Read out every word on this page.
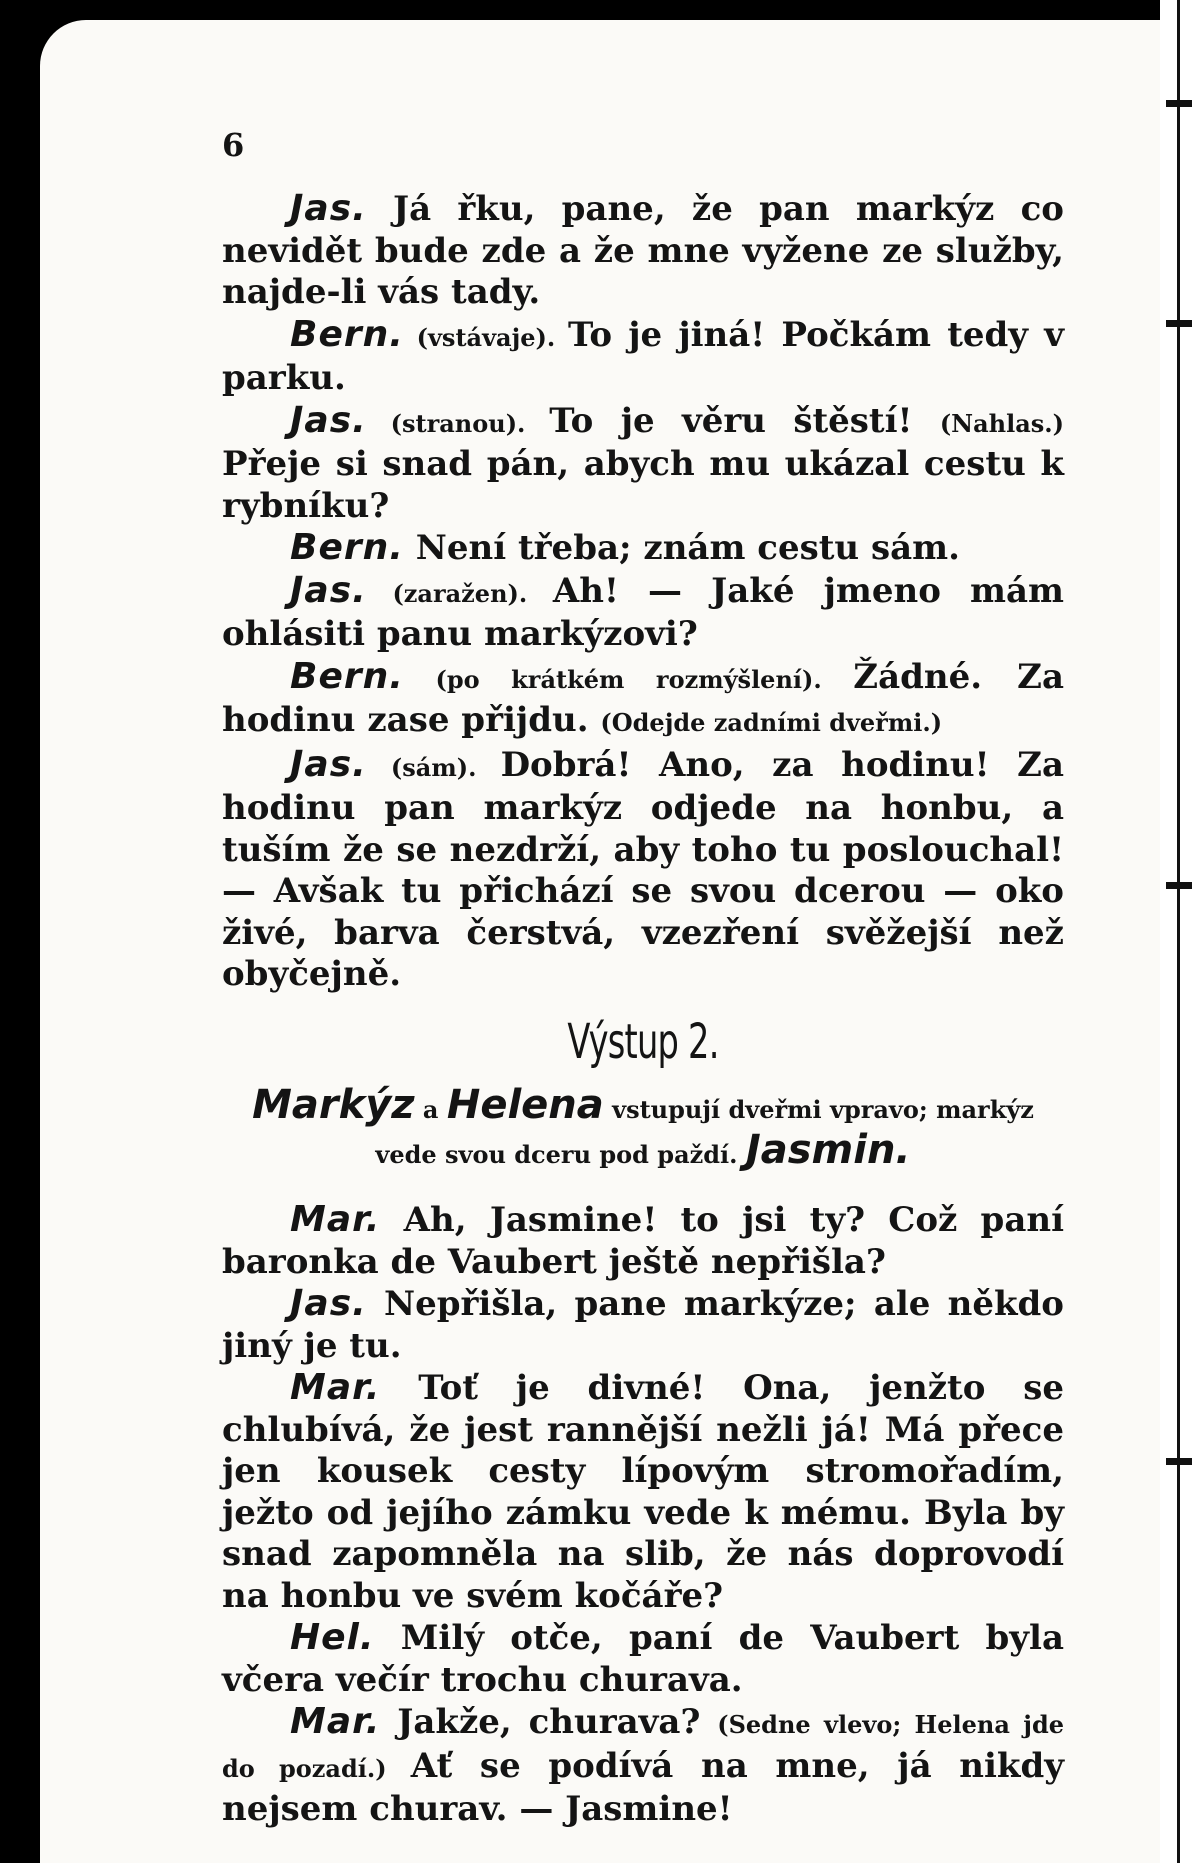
6

Jas. Já řku, pane, že pan markýz co nevidět bude zde a že mne vyžene ze služby, najde-li vás tady.

Bern. (vstávaje). To je jiná! Počkám tedy v parku.

Jas. (stranou). To je věru štěstí! (Nahlas.) Přeje si snad pán, abych mu ukázal cestu k rybníku?

Bern. Není třeba; znám cestu sám.

Jas. (zaražen). Ah! — Jaké jmeno mám ohlásiti panu markýzovi?

Bern. (po krátkém rozmýšlení). Žádné. Za hodinu zase přijdu. (Odejde zadními dveřmi.)

Jas. (sám). Dobrá! Ano, za hodinu! Za hodinu pan markýz odjede na honbu, a tuším že se nezdrží, aby toho tu poslouchal! — Avšak tu přichází se svou dcerou — oko živé, barva čerstvá, vzezření svěžejší než obyčejně.

Výstup 2.

Markýz a Helena vstupují dveřmi vpravo; markýz vede svou dceru pod paždí. Jasmin.

Mar. Ah, Jasmine! to jsi ty? Což paní baronka de Vaubert ještě nepřišla?

Jas. Nepřišla, pane markýze; ale někdo jiný je tu.

Mar. Toť je divné! Ona, jenžto se chlubívá, že jest rannější nežli já! Má přece jen kousek cesty lípovým stromořadím, ježto od jejího zámku vede k mému. Byla by snad zapomněla na slib, že nás doprovodí na honbu ve svém kočáře?

Hel. Milý otče, paní de Vaubert byla včera večír trochu churava.

Mar. Jakže, churava? (Sedne vlevo; Helena jde do pozadí.) Ať se podívá na mne, já nikdy nejsem churav. — Jasmine!
